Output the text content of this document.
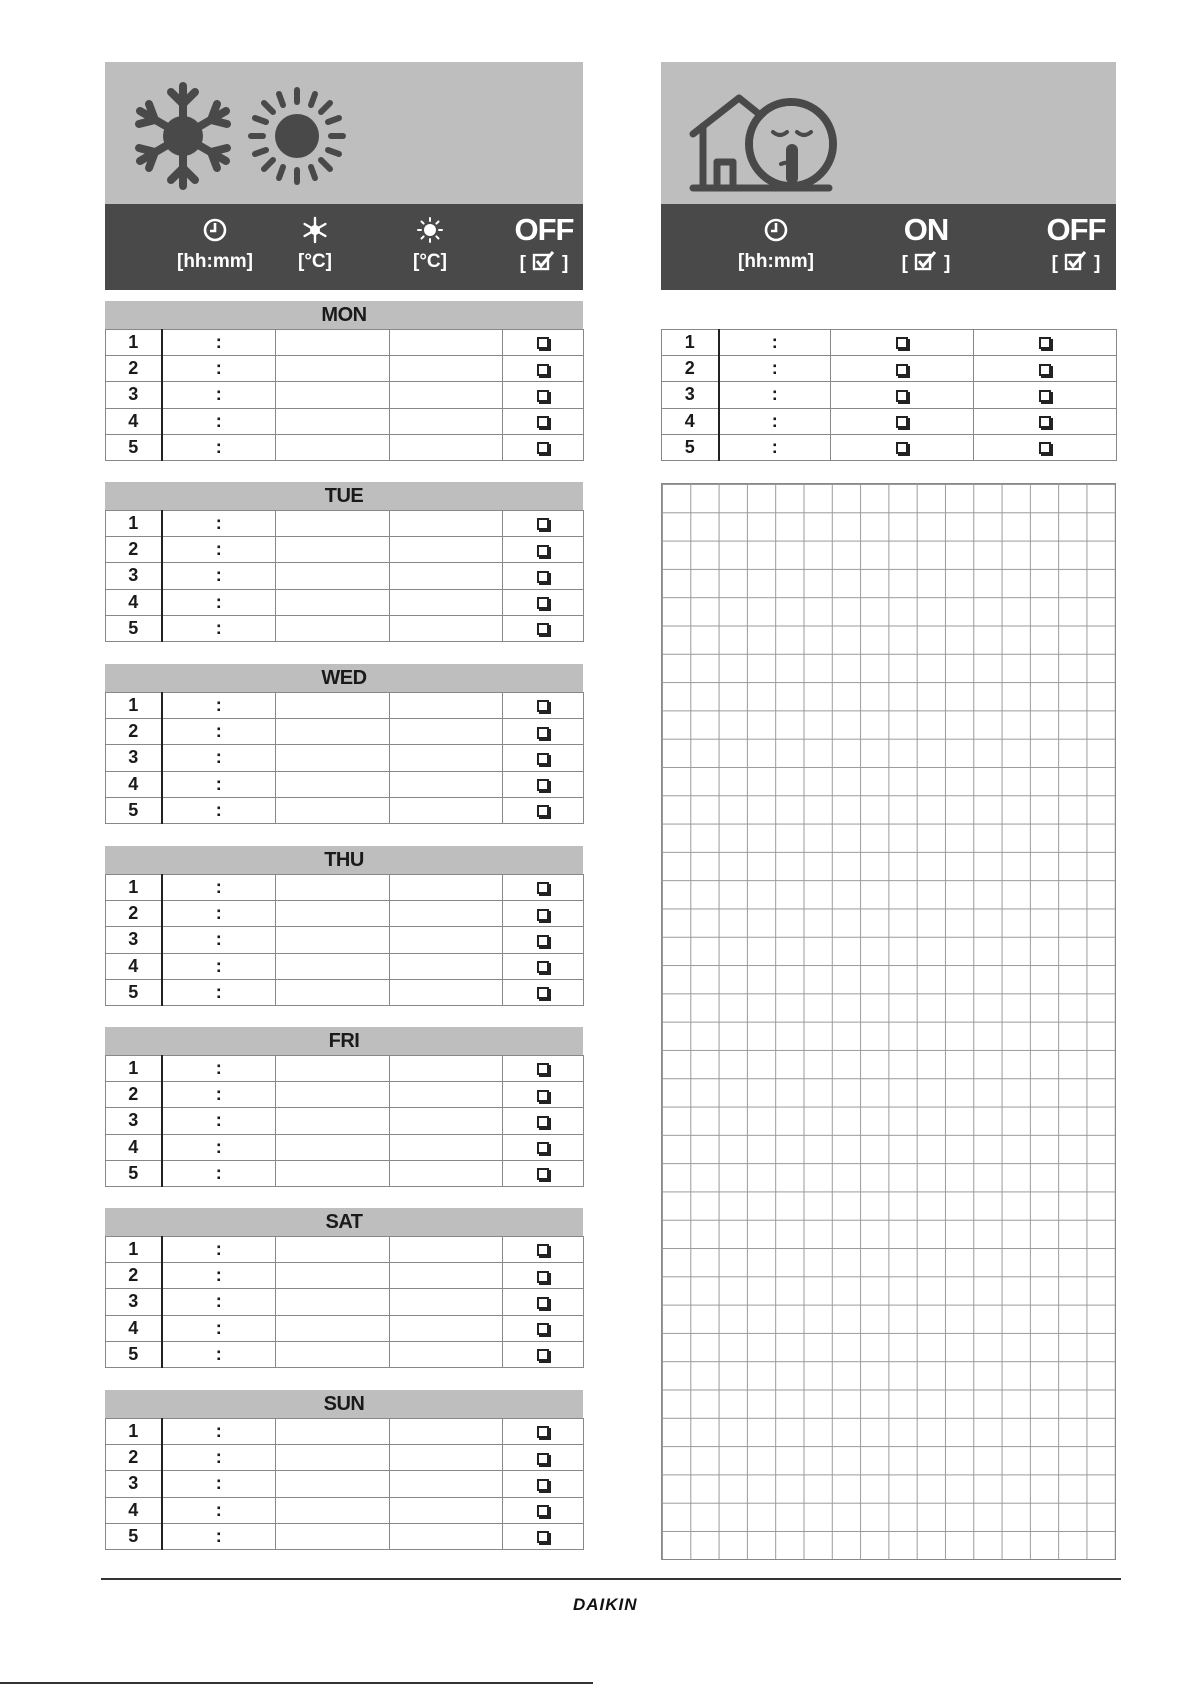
[hh:mm]	[°C]	[°C]
OFF
[ ]
MON
1	:			
2	:			
3	:			
4	:			
5	:			
TUE
1	:			
2	:			
3	:			
4	:			
5	:			
WED
1	:			
2	:			
3	:			
4	:			
5	:			
THU
1	:			
2	:			
3	:			
4	:			
5	:			
FRI
1	:			
2	:			
3	:			
4	:			
5	:			
SAT
1	:			
2	:			
3	:			
4	:			
5	:			
SUN
1	:			
2	:			
3	:			
4	:			
5	:			
[hh:mm]
ON
[ ]
OFF
[ ]
1	:		
2	:		
3	:		
4	:		
5	:		
DAIKIN
